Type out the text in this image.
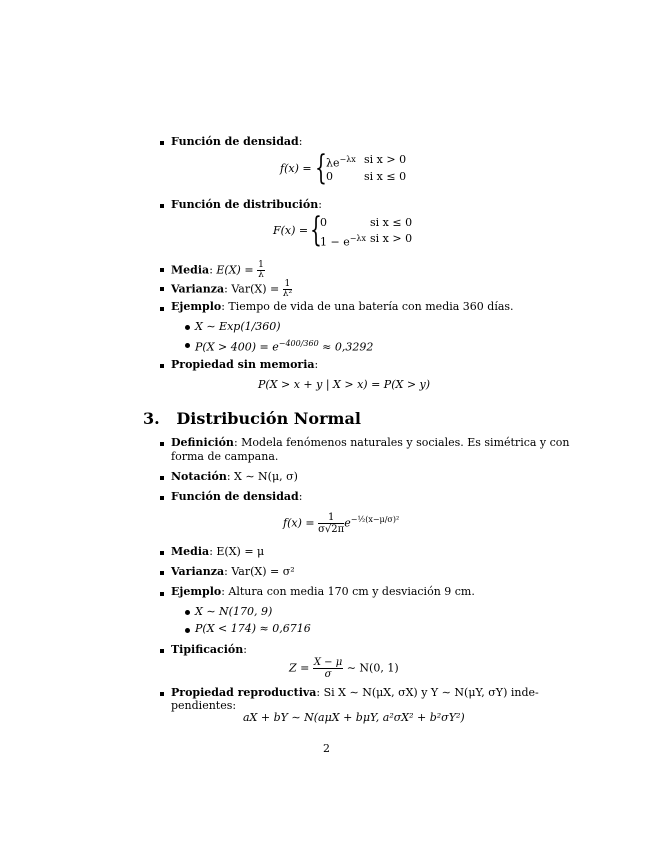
Función de densidad:
f(x) = { $\lambda e^{-\lambda x}$ si x > 0
0	si x ≤ 0
Función de distribución:
F(x) = {
0	si x ≤ 0
$1 - e^{-\lambda x}$ si x > 0
Media: $E(X) = \frac{1}{\lambda}$
Varianza: $Var(X) = \frac{1}{\text{λ²}}$
Ejemplo: Tiempo de vida de una batería con media 360 días.
X ∼ Exp(1/360)
$P(X > 400) = e^{-400/360} \approx 0,3292$
Propiedad sin memoria:
P(X > x + y | X > x) = P(X > y)
3. Distribución Normal
Definición: Modela fenómenos naturales y sociales. Es simétrica y con
forma de campana.
Notación: X ∼ N(μ, σ)
Función de densidad:
$f(x) = \frac{1}{\sigma√2\pi} e^{-\frac{1}{2}(x-\mu/\sigma)^2}$
Media: E(X) = μ
Varianza: Var(X) = σ²
Ejemplo: Altura con media 170 cm y desviación 9 cm.
X ∼ N(170, 9)
P(X < 174) ≈ 0,6716
Tipificación:
$Z = \frac{X - \mu}{\sigma}$ ∼ N(0, 1)
Propiedad reproductiva: Si X ∼ N(μX, σX) y Y ∼ N(μY, σY) inde-
pendientes:
aX + bY ∼ N(aμX + bμY, a²σX² + b²σY²)
2
